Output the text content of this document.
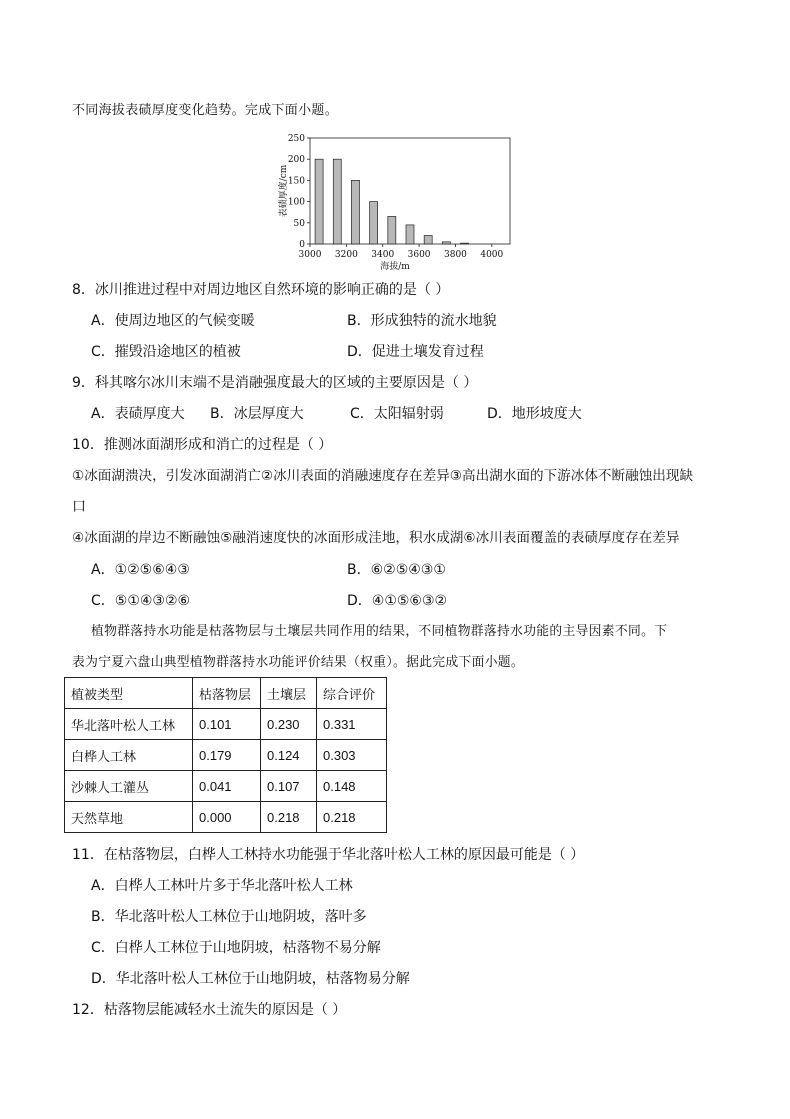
不同海拔表碛厚度变化趋势。完成下面小题。
0
50
100
150
200
250
3000 3200 3400 3600 3800 4000
海拔/m
表碛厚度/cm
8．冰川推进过程中对周边地区自然环境的影响正确的是（ ）
A．使周边地区的气候变暖	B．形成独特的流水地貌
C．摧毁沿途地区的植被	D．促进土壤发育过程
9．科其喀尔冰川末端不是消融强度最大的区域的主要原因是（ ）
A．表碛厚度大 B．冰层厚度大	C．太阳辐射弱	D．地形坡度大
10．推测冰面湖形成和消亡的过程是（ ）
①冰面湖溃决，引发冰面湖消亡②冰川表面的消融速度存在差异③高出湖水面的下游冰体不断融蚀出现缺
口
④冰面湖的岸边不断融蚀⑤融消速度快的冰面形成洼地，积水成湖⑥冰川表面覆盖的表碛厚度存在差异
A．①②⑤⑥④③	B．⑥②⑤④③①
C．⑤①④③②⑥	D．④①⑤⑥③②
植物群落持水功能是枯落物层与土壤层共同作用的结果，不同植物群落持水功能的主导因素不同。下
表为宁夏六盘山典型植物群落持水功能评价结果（权重）。据此完成下面小题。
植被类型	枯落物层	土壤层	综合评价
华北落叶松人工林	0.101	0.230	0.331
白桦人工林	0.179	0.124	0.303
沙棘人工灌丛	0.041	0.107	0.148
天然草地	0.000	0.218	0.218
11．在枯落物层，白桦人工林持水功能强于华北落叶松人工林的原因最可能是（ ）
A．白桦人工林叶片多于华北落叶松人工林
B．华北落叶松人工林位于山地阴坡，落叶多
C．白桦人工林位于山地阴坡，枯落物不易分解
D．华北落叶松人工林位于山地阴坡，枯落物易分解
12．枯落物层能减轻水土流失的原因是（ ）
